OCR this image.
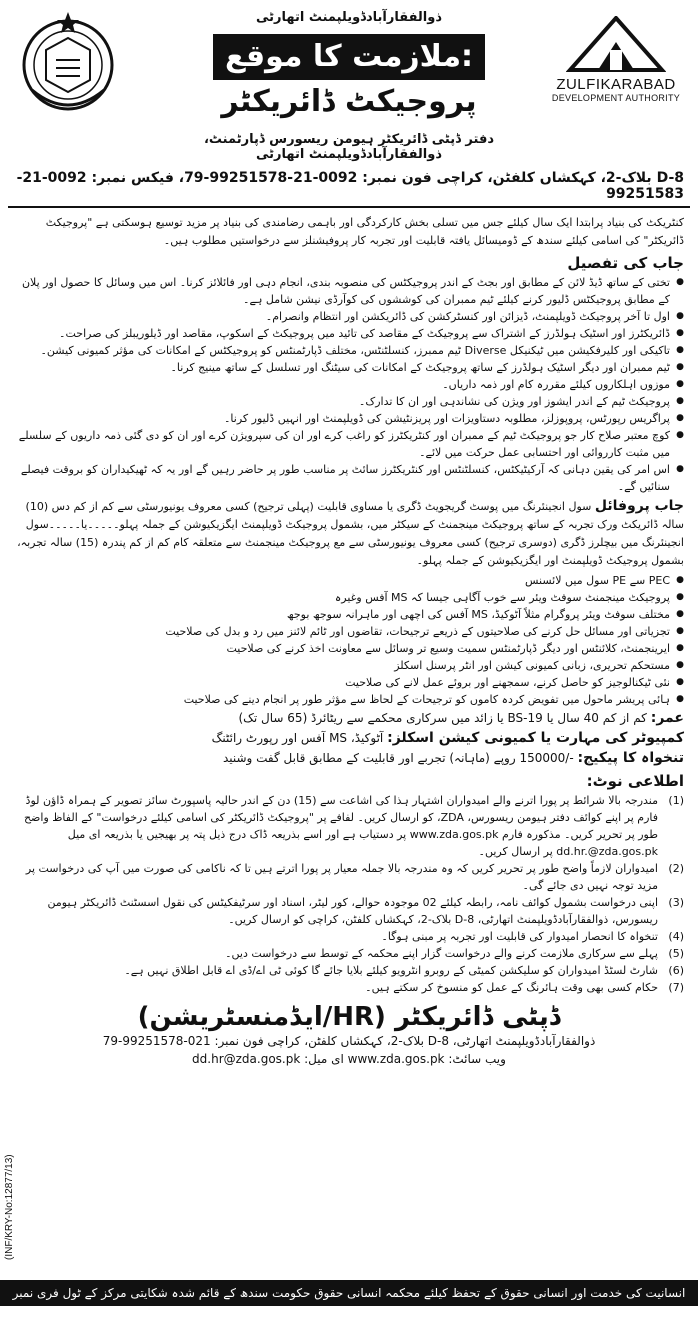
ذوالفقارآبادڈویلپمنٹ اتھارٹی
ملازمت کا موقع:
پروجیکٹ ڈائریکٹر
دفتر ڈپٹی ڈائریکٹر ہیومن ریسورس ڈپارٹمنٹ، ذوالفقارآبادڈویلپمنٹ اتھارٹی
ZULFIKARABAD
DEVELOPMENT AUTHORITY
D-8 بلاک-2، کہکشاں کلفٹن، کراچی فون نمبر: 0092-21-99251578-79، فیکس نمبر: 0092-21-99251583
کنٹریکٹ کی بنیاد پرابتدا ایک سال کیلئے جس میں تسلی بخش کارکردگی اور باہمی رضامندی کی بنیاد پر مزید توسیع ہوسکتی ہے "پروجیکٹ ڈائریکٹر" کی اسامی کیلئے سندھ کے ڈومیسائل یافتہ قابلیت اور تجربہ کار پروفیشنلز سے درخواستیں مطلوب ہیں۔
جاب کی تفصیل
● تختی کے ساتھ ڈیڈ لائن کے مطابق اور بجٹ کے اندر پروجیکٹس کی منصوبہ بندی، انجام دہی اور فائلائز کرنا۔ اس میں وسائل کا حصول اور پلان کے مطابق پروجیکٹس ڈلیور کرنے کیلئے ٹیم ممبران کی کوششوں کی کوآرڈی نیشن شامل ہے۔
● اول تا آخر پروجیکٹ ڈویلپمنٹ، ڈیزائن اور کنسٹرکشن کی ڈائریکشن اور انتظام وانصرام۔
● ڈائریکٹرز اور اسٹیک ہولڈرز کے اشتراک سے پروجیکٹ کے مقاصد کی تائید میں پروجیکٹ کے اسکوپ، مقاصد اور ڈیلوریبلز کی صراحت۔
● تاکیکی اور کلیرفکیشن میں ٹیکنیکل Diverse ٹیم ممبرز، کنسلٹنٹس، مختلف ڈپارٹمنٹس کو پروجیکٹس کے امکانات کی مؤثر کمیونی کیشن۔
● ٹیم ممبران اور دیگر اسٹیک ہولڈرز کے ساتھ پروجیکٹ کے امکانات کی سیٹنگ اور تسلسل کے ساتھ مینیج کرنا۔
● موزوں اہلکاروں کیلئے مقررہ کام اور ذمہ داریاں۔
● پروجیکٹ ٹیم کے اندر ایشوز اور ویژن کی نشاندہی اور ان کا تدارک۔
● پراگریس رپورٹس، پروپوزلز، مطلوبہ دستاویزات اور پریزنٹیشن کی ڈویلپمنٹ اور انہیں ڈلیور کرنا۔
● کوچ معتبر صلاح کار جو پروجیکٹ ٹیم کے ممبران اور کنٹریکٹرز کو راغب کرے اور ان کی سپرویژن کرے اور ان کو دی گئی ذمہ داریوں کے سلسلے میں مثبت کارروائی اور احتسابی عمل حرکت میں لائے۔
● اس امر کی یقین دہانی کہ آرکیٹیکٹس، کنسلٹنٹس اور کنٹریکٹرز سائٹ پر مناسب طور پر حاضر رہیں گے اور یہ کہ ٹھیکیداران کو بروقت فیصلے سنائیں گے۔
جاب پروفائل سول انجینئرنگ میں پوسٹ گریجویٹ ڈگری یا مساوی قابلیت (پہلی ترجیح) کسی معروف یونیورسٹی سے کم از کم دس (10) سالہ ڈائریکٹ ورک تجربہ کے ساتھ پروجیکٹ مینجمنٹ کے سیکٹر میں، بشمول پروجیکٹ ڈویلپمنٹ ایگزیکیوشن کے جملہ پہلو۔۔۔۔۔یا۔۔۔۔۔سول انجینئرنگ میں بیچلرز ڈگری (دوسری ترجیح) کسی معروف یونیورسٹی سے مع پروجیکٹ مینجمنٹ سے متعلقہ کام کم از کم پندرہ (15) سالہ تجربہ، بشمول پروجیکٹ ڈویلپمنٹ اور ایگزیکیوشن کے جملہ پہلو۔
● PEC سے PE سول میں لائسنس
● پروجیکٹ مینجمنٹ سوفٹ ویئر سے خوب آگاہی جیسا کہ MS آفس وغیرہ
● مختلف سوفٹ ویئر پروگرام مثلاً آٹوکیڈ، MS آفس کی اچھی اور ماہرانہ سوجھ بوجھ
● تجزیاتی اور مسائل حل کرنے کی صلاحیتوں کے ذریعے ترجیحات، تقاضوں اور ٹائم لائنز میں رد و بدل کی صلاحیت
● ایرینجمنٹ، کلائنٹس اور دیگر ڈپارٹمنٹس سمیت وسیع تر وسائل سے معاونت اخذ کرنے کی صلاحیت
● مستحکم تحریری، زبانی کمیونی کیشن اور انٹر پرسنل اسکلز
● نئی ٹیکنالوجیز کو حاصل کرنے، سمجھنے اور بروئے عمل لانے کی صلاحیت
● ہائی پریشر ماحول میں تفویض کردہ کاموں کو ترجیحات کے لحاظ سے مؤثر طور پر انجام دینے کی صلاحیت
عمر: کم از کم 40 سال یا BS-19 یا زائد میں سرکاری محکمے سے ریٹائرڈ (65 سال تک)
کمپیوٹر کی مہارت یا کمیونی کیشن اسکلز: آٹوکیڈ، MS آفس اور رپورٹ رائٹنگ
تنخواہ کا پیکیج: -/150000 روپے (ماہانہ) تجربے اور قابلیت کے مطابق قابل گفت وشنید
اطلاعی نوٹ:
(1)
مندرجہ بالا شرائط پر پورا اترنے والے امیدواران اشتہار ہذا کی اشاعت سے (15) دن کے اندر حالیہ پاسپورٹ سائز تصویر کے ہمراہ ڈاؤن لوڈ فارم پر اپنے کوائف دفتر ہیومن ریسورس، ZDA، کو ارسال کریں۔ لفافے پر "پروجیکٹ ڈائریکٹر کی اسامی کیلئے درخواست" کے الفاظ واضح طور پر تحریر کریں۔ مذکورہ فارم www.zda.gos.pk پر دستیاب ہے اور اسے بذریعہ ڈاک درج ذیل پتہ پر بھیجیں یا بذریعہ ای میل dd.hr.@zda.gos.pk پر ارسال کریں۔
(2)
امیدواران لازماً واضح طور پر تحریر کریں کہ وہ مندرجہ بالا جملہ معیار پر پورا اترتے ہیں تا کہ ناکامی کی صورت میں آپ کی درخواست پر مزید توجہ نہیں دی جائے گی۔
(3)
اپنی درخواست بشمول کوائف نامہ، رابطہ کیلئے 02 موجودہ حوالے، کور لیٹر، اسناد اور سرٹیفکیٹس کی نقول اسسٹنٹ ڈائریکٹر ہیومن ریسورس، ذوالفقارآبادڈویلپمنٹ اتھارٹی، D-8 بلاک-2، کہکشاں کلفٹن، کراچی کو ارسال کریں۔
(4)
تنخواہ کا انحصار امیدوار کی قابلیت اور تجربہ پر مبنی ہوگا۔
(5)
پہلے سے سرکاری ملازمت کرنے والے درخواست گزار اپنے محکمہ کے توسط سے درخواست دیں۔
(6)
شارٹ لسٹڈ امیدواران کو سلیکشن کمیٹی کے روبرو انٹرویو کیلئے بلایا جائے گا کوئی ٹی اے/ڈی اے قابل اطلاق نہیں ہے۔
(7)
حکام کسی بھی وقت ہائرنگ کے عمل کو منسوخ کر سکتے ہیں۔
ڈپٹی ڈائریکٹر (HR/ایڈمنسٹریشن)
ذوالفقارآبادڈویلپمنٹ اتھارٹی، D-8 بلاک-2، کہکشاں کلفٹن، کراچی فون نمبر: 021-99251578-79
ویب سائٹ: www.zda.gos.pk ای میل: dd.hr@zda.gos.pk
(INF/KRY-No:12877/13)
انسانیت کی خدمت اور انسانی حقوق کے تحفظ کیلئے محکمہ انسانی حقوق حکومت سندھ کے قائم شدہ شکایتی مرکز کے ٹول فری نمبر 000-0800 پر مفت رابطہ کریں
